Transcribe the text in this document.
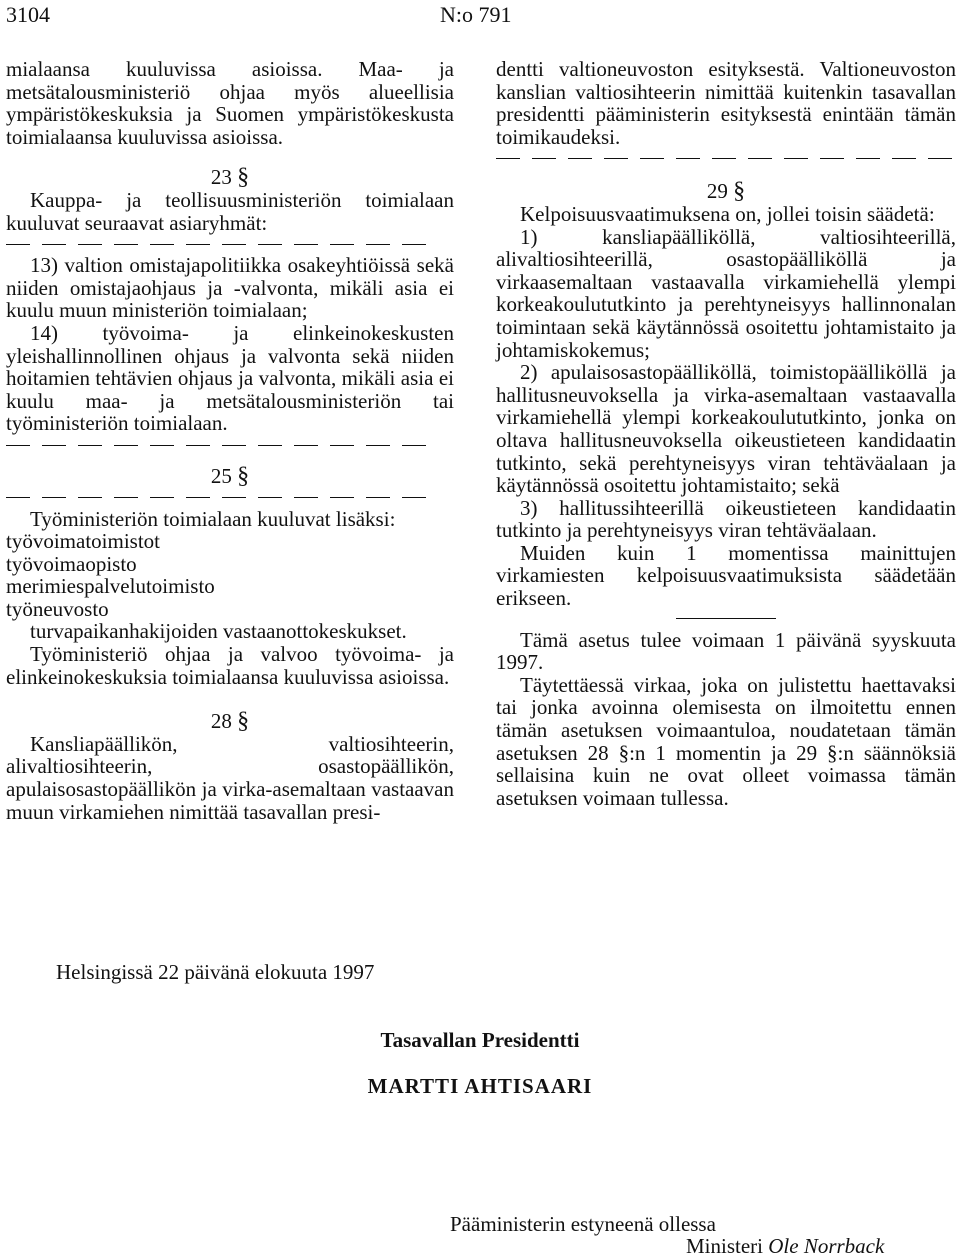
3104	N:o 791

mialaansa kuuluvissa asioissa. Maa- ja metsätalousministeriö ohjaa myös alueellisia ympäristökeskuksia ja Suomen ympäristökeskusta toimialaansa kuuluvissa asioissa.

23 §

Kauppa- ja teollisuusministeriön toimialaan kuuluvat seuraavat asiaryhmät:

13) valtion omistajapolitiikka osakeyhtiöissä sekä niiden omistajaohjaus ja -valvonta, mikäli asia ei kuulu muun ministeriön toimialaan;

14) työvoima- ja elinkeinokeskusten yleishallinnollinen ohjaus ja valvonta sekä niiden hoitamien tehtävien ohjaus ja valvonta, mikäli asia ei kuulu maa- ja metsätalousministeriön tai työministeriön toimialaan.

25 §

Työministeriön toimialaan kuuluvat lisäksi:

työvoimatoimistot

työvoimaopisto

merimiespalvelutoimisto

työneuvosto

turvapaikanhakijoiden vastaanottokeskukset.

Työministeriö ohjaa ja valvoo työvoima- ja elinkeinokeskuksia toimialaansa kuuluvissa asioissa.

28 §

Kansliapäällikön, valtiosihteerin, alivaltiosihteerin, osastopäällikön, apulaisosastopäällikön ja virka-asemaltaan vastaavan muun virkamiehen nimittää tasavallan presi-

dentti valtioneuvoston esityksestä. Valtioneuvoston kanslian valtiosihteerin nimittää kuitenkin tasavallan presidentti pääministerin esityksestä enintään tämän toimikaudeksi.

29 §

Kelpoisuusvaatimuksena on, jollei toisin säädetä:

1) kansliapäälliköllä, valtiosihteerillä, alivaltiosihteerillä, osastopäälliköllä ja virkaasemaltaan vastaavalla virkamiehellä ylempi korkeakoulututkinto ja perehtyneisyys hallinnonalan toimintaan sekä käytännössä osoitettu johtamistaito ja johtamiskokemus;

2) apulaisosastopäälliköllä, toimistopäälliköllä ja hallitusneuvoksella ja virka-asemaltaan vastaavalla virkamiehellä ylempi korkeakoulututkinto, jonka on oltava hallitusneuvoksella oikeustieteen kandidaatin tutkinto, sekä perehtyneisyys viran tehtäväalaan ja käytännössä osoitettu johtamistaito; sekä

3) hallitussihteerillä oikeustieteen kandidaatin tutkinto ja perehtyneisyys viran tehtäväalaan.

Muiden kuin 1 momentissa mainittujen virkamiesten kelpoisuusvaatimuksista säädetään erikseen.

Tämä asetus tulee voimaan 1 päivänä syyskuuta 1997.

Täytettäessä virkaa, joka on julistettu haettavaksi tai jonka avoinna olemisesta on ilmoitettu ennen tämän asetuksen voimaantuloa, noudatetaan tämän asetuksen 28 §:n 1 momentin ja 29 §:n säännöksiä sellaisina kuin ne ovat olleet voimassa tämän asetuksen voimaan tullessa.

Helsingissä 22 päivänä elokuuta 1997
Tasavallan Presidentti
MARTTI AHTISAARI
Pääministerin estyneenä ollessa
Ministeri Ole Norrback
